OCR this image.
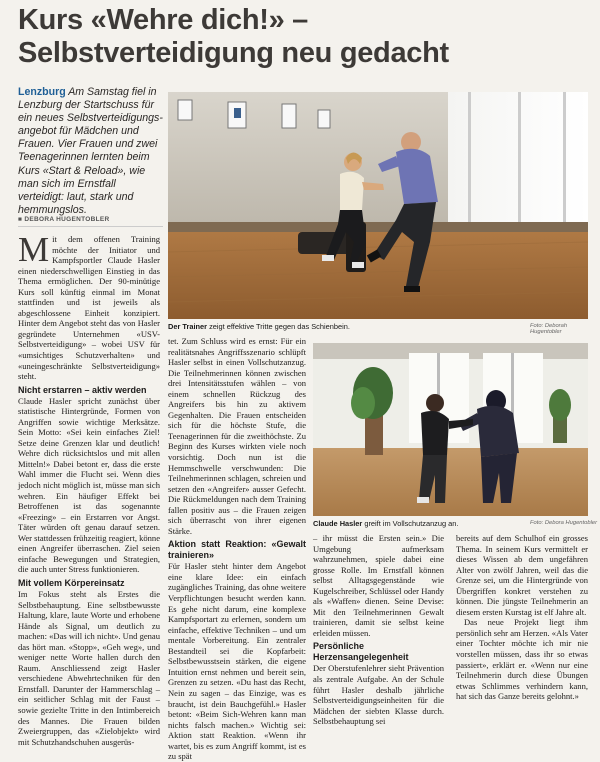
Kurs «Wehre dich!» –
Selbstverteidigung neu gedacht
Lenzburg Am Samstag fiel in Lenzburg der Startschuss für ein neues Selbstverteidigungsangebot für Mädchen und Frauen. Vier Frauen und zwei Teenagerinnen lernten beim Kurs «Start & Reload», wie man sich im Ernstfall verteidigt: laut, stark und hemmungslos.
■ DEBORA HUGENTOBLER
Der Trainer zeigt effektive Tritte gegen das Schienbein.	Foto: Deborah Hugentobler
Claude Hasler greift im Vollschutzanzug an.	Foto: Debora Hugentobler

Mit dem offenen Training möchte der Initiator und Kampfsportler Claude Hasler einen niederschwelligen Einstieg in das Thema ermöglichen. Der 90-minütige Kurs soll künftig einmal im Monat stattfinden und ist jeweils als abgeschlossene Einheit konzipiert. Hinter dem Angebot steht das von Hasler gegründete Unternehmen «USV-Selbstverteidigung» – wobei USV für «umsichtiges Schutzverhalten» und «uneingeschränkte Selbstverteidigung» steht.

Nicht erstarren – aktiv werden

Claude Hasler spricht zunächst über statistische Hintergründe, Formen von Angriffen sowie wichtige Merksätze. Sein Motto: «Sei kein einfaches Ziel! Setze deine Grenzen klar und deutlich! Wehre dich rücksichtslos und mit allen Mitteln!» Dabei betont er, dass die erste Wahl immer die Flucht sei. Wenn dies jedoch nicht möglich ist, müsse man sich wehren. Ein häufiger Effekt bei Betroffenen ist das sogenannte «Freezing» – ein Erstarren vor Angst. Täter würden oft genau darauf setzen. Wer stattdessen frühzeitig reagiert, könne einen Angreifer überraschen. Ziel seien einfache Bewegungen und Strategien, die auch unter Stress funktionieren.

Mit vollem Körpereinsatz

Im Fokus steht als Erstes die Selbstbehauptung. Eine selbstbewusste Haltung, klare, laute Worte und erhobene Hände als Signal, um deutlich zu machen: «Das will ich nicht». Und genau das hört man. «Stopp», «Geh weg», und weniger nette Worte hallen durch den Raum. Anschliessend zeigt Hasler verschiedene Abwehrtechniken für den Ernstfall. Darunter der Hammerschlag – ein seitlicher Schlag mit der Faust – sowie gezielte Tritte in den Intimbereich des Mannes. Die Frauen bilden Zweiergruppen, das «Zielobjekt» wird mit Schutzhandschuhen ausgerüs-

tet. Zum Schluss wird es ernst: Für ein realitätsnahes Angriffsszenario schlüpft Hasler selbst in einen Vollschutzanzug. Die Teilnehmerinnen können zwischen drei Intensitätsstufen wählen – von einem schnellen Rückzug des Angreifers bis hin zu aktivem Gegenhalten. Die Frauen entscheiden sich für die höchste Stufe, die Teenagerinnen für die zweithöchste. Zu Beginn des Kurses wirkten viele noch vorsichtig. Doch nun ist die Hemmschwelle verschwunden: Die Teilnehmerinnen schlagen, schreien und setzen den «Angreifer» ausser Gefecht. Die Rückmeldungen nach dem Training fallen positiv aus – die Frauen zeigen sich überrascht von ihrer eigenen Stärke.

Aktion statt Reaktion: «Gewalt trainieren»

Für Hasler steht hinter dem Angebot eine klare Idee: ein einfach zugängliches Training, das ohne weitere Verpflichtungen besucht werden kann. Es gehe nicht darum, eine komplexe Kampfsportart zu erlernen, sondern um einfache, effektive Techniken – und um mentale Vorbereitung. Ein zentraler Bestandteil sei die Kopfarbeit: Selbstbewusstsein stärken, die eigene Intuition ernst nehmen und bereit sein, Grenzen zu setzen. «Du hast das Recht, Nein zu sagen – das Einzige, was es braucht, ist dein Bauchgefühl.» Hasler betont: «Beim Sich-Wehren kann man nichts falsch machen.» Wichtig sei: Aktion statt Reaktion. «Wenn ihr wartet, bis es zum Angriff kommt, ist es zu spät

– ihr müsst die Ersten sein.» Die Umgebung aufmerksam wahrzunehmen, spiele dabei eine grosse Rolle. Im Ernstfall können selbst Alltagsgegenstände wie Kugelschreiber, Schlüssel oder Handy als «Waffen» dienen. Seine Devise: Mit den Teilnehmerinnen Gewalt trainieren, damit sie selbst keine erleiden müssen.

Persönliche Herzensangelegenheit

Der Oberstufenlehrer sieht Prävention als zentrale Aufgabe. An der Schule führt Hasler deshalb jährliche Selbstverteidigungseinheiten für die Mädchen der siebten Klasse durch. Selbstbehauptung sei

bereits auf dem Schulhof ein grosses Thema. In seinem Kurs vermittelt er dieses Wissen ab dem ungefähren Alter von zwölf Jahren, weil das die Grenze sei, um die Hintergründe von Übergriffen konkret verstehen zu können. Die jüngste Teilnehmerin an diesem ersten Kurstag ist elf Jahre alt.

Das neue Projekt liegt ihm persönlich sehr am Herzen. «Als Vater einer Tochter möchte ich mir nie vorstellen müssen, dass ihr so etwas passiert», erklärt er. «Wenn nur eine Teilnehmerin durch diese Übungen etwas Schlimmes verhindern kann, hat sich das Ganze bereits gelohnt.»
